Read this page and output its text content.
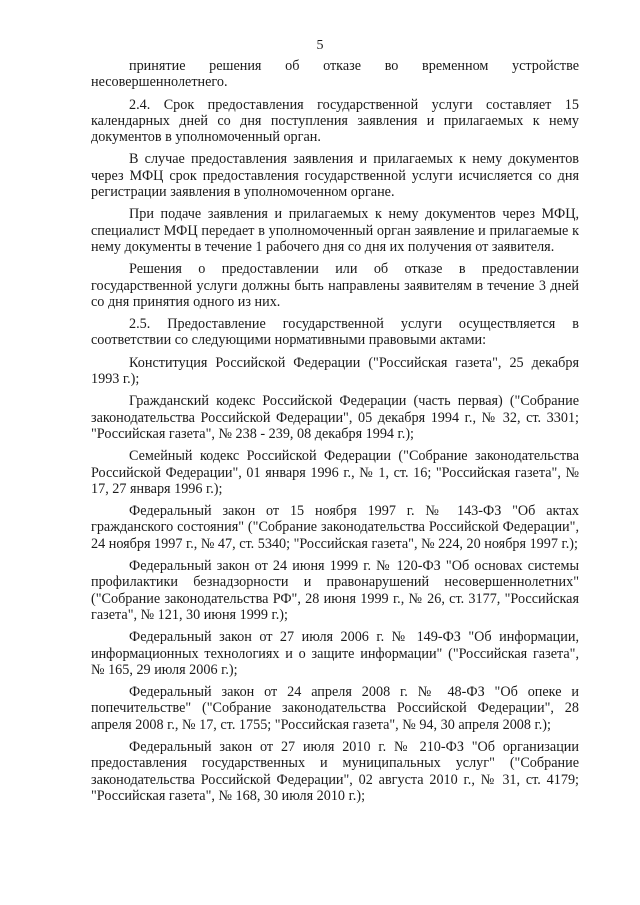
5

принятие решения об отказе во временном устройстве несовершеннолетнего.

2.4. Срок предоставления государственной услуги составляет 15 календарных дней со дня поступления заявления и прилагаемых к нему документов в уполномоченный орган.

В случае предоставления заявления и прилагаемых к нему документов через МФЦ срок предоставления государственной услуги исчисляется со дня регистрации заявления в уполномоченном органе.

При подаче заявления и прилагаемых к нему документов через МФЦ, специалист МФЦ передает в уполномоченный орган заявление и прилагаемые к нему документы в течение 1 рабочего дня со дня их получения от заявителя.

Решения о предоставлении или об отказе в предоставлении государственной услуги должны быть направлены заявителям в течение 3 дней со дня принятия одного из них.

2.5. Предоставление государственной услуги осуществляется в соответствии со следующими нормативными правовыми актами:

Конституция Российской Федерации ("Российская газета", 25 декабря 1993 г.);

Гражданский кодекс Российской Федерации (часть первая) ("Собрание законодательства Российской Федерации", 05 декабря 1994 г., № 32, ст. 3301; "Российская газета", № 238 - 239, 08 декабря 1994 г.);

Семейный кодекс Российской Федерации ("Собрание законодательства Российской Федерации", 01 января 1996 г., № 1, ст. 16; "Российская газета", № 17, 27 января 1996 г.);

Федеральный закон от 15 ноября 1997 г. № 143-ФЗ "Об актах гражданского состояния" ("Собрание законодательства Российской Федерации", 24 ноября 1997 г., № 47, ст. 5340; "Российская газета", № 224, 20 ноября 1997 г.);

Федеральный закон от 24 июня 1999 г. № 120-ФЗ "Об основах системы профилактики безнадзорности и правонарушений несовершеннолетних" ("Собрание законодательства РФ", 28 июня 1999 г., № 26, ст. 3177, "Российская газета", № 121, 30 июня 1999 г.);

Федеральный закон от 27 июля 2006 г. № 149-ФЗ "Об информации, информационных технологиях и о защите информации" ("Российская газета", № 165, 29 июля 2006 г.);

Федеральный закон от 24 апреля 2008 г. № 48-ФЗ "Об опеке и попечительстве" ("Собрание законодательства Российской Федерации", 28 апреля 2008 г., № 17, ст. 1755; "Российская газета", № 94, 30 апреля 2008 г.);

Федеральный закон от 27 июля 2010 г. № 210-ФЗ "Об организации предоставления государственных и муниципальных услуг" ("Собрание законодательства Российской Федерации", 02 августа 2010 г., № 31, ст. 4179; "Российская газета", № 168, 30 июля 2010 г.);
